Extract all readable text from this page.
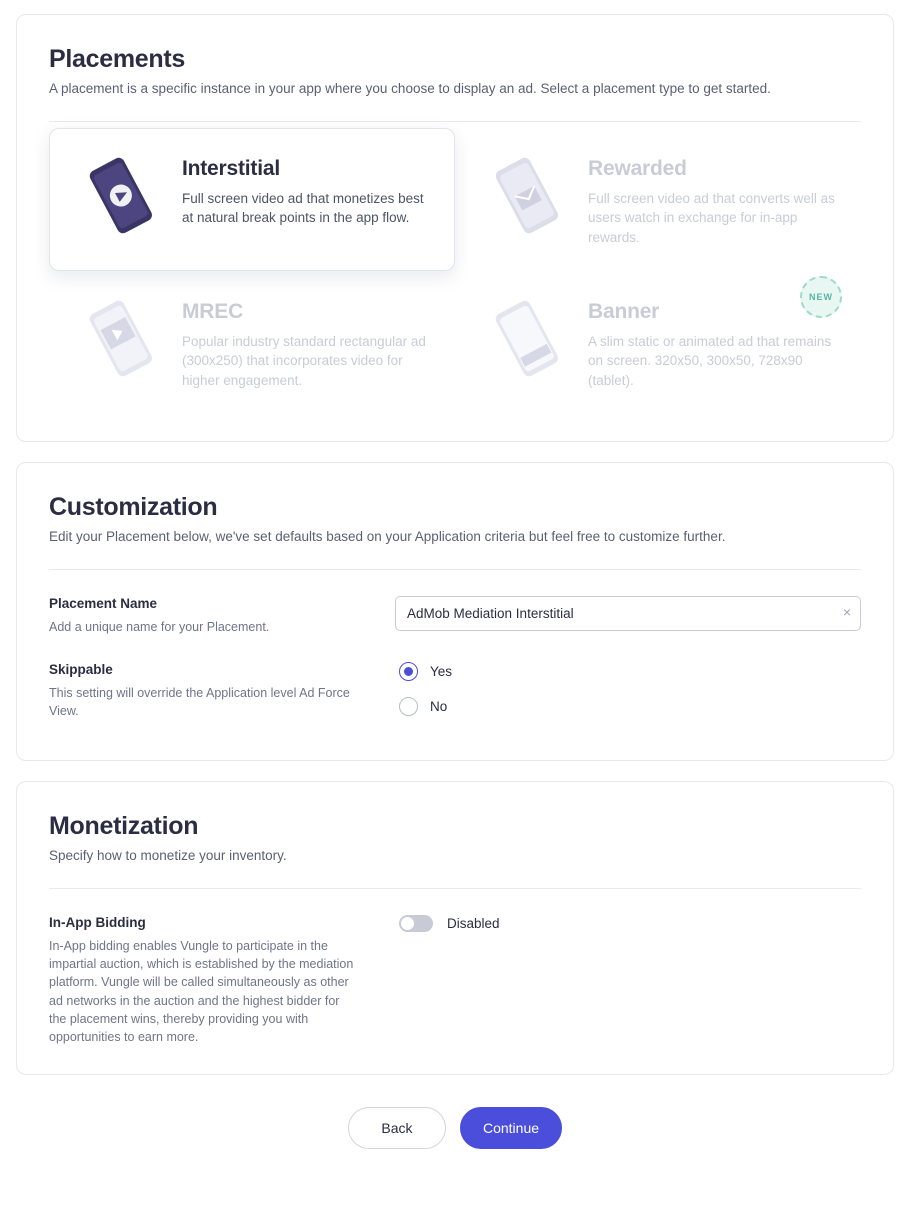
Placements

A placement is a specific instance in your app where you choose to display an ad. Select a placement type to get started.

Interstitial

Full screen video ad that monetizes best at natural break points in the app flow.

Rewarded

Full screen video ad that converts well as users watch in exchange for in-app rewards.

MREC

Popular industry standard rectangular ad (300x250) that incorporates video for higher engagement.

Banner

A slim static or animated ad that remains on screen. 320x50, 300x50, 728x90 (tablet).

NEW
Customization

Edit your Placement below, we've set defaults based on your Application criteria but feel free to customize further.

Placement Name

Add a unique name for your Placement.

AdMob Mediation Interstitial
×

Skippable

This setting will override the Application level Ad Force View.

Yes
No
Monetization

Specify how to monetize your inventory.

In-App Bidding

In-App bidding enables Vungle to participate in the impartial auction, which is established by the mediation platform. Vungle will be called simultaneously as other ad networks in the auction and the highest bidder for the placement wins, thereby providing you with opportunities to earn more.

Disabled
Back	Continue
